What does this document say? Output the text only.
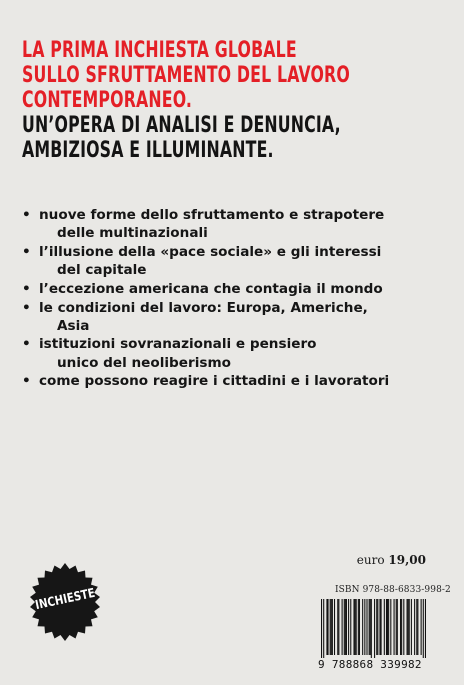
LA PRIMA INCHIESTA GLOBALE
SULLO SFRUTTAMENTO DEL LAVORO
CONTEMPORANEO.
UN’OPERA DI ANALISI E DENUNCIA,
AMBIZIOSA E ILLUMINANTE.
• nuove forme dello sfruttamento e strapotere
delle multinazionali
• l’illusione della «pace sociale» e gli interessi
del capitale
• l’eccezione americana che contagia il mondo
• le condizioni del lavoro: Europa, Americhe,
Asia
• istituzioni sovranazionali e pensiero
unico del neoliberismo
• come possono reagire i cittadini e i lavoratori
INCHIESTE
euro 19,00
ISBN 978-88-6833-998-2
9 788868 339982
